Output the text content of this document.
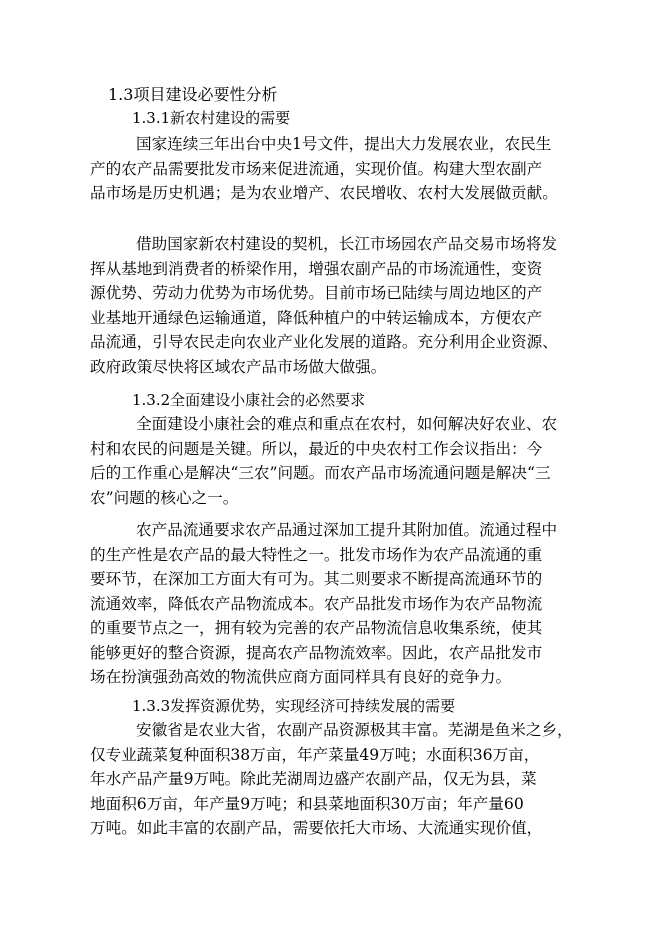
1.3项目建设必要性分析
1.3.1新农村建设的需要
国家连续三年出台中央1号文件，提出大力发展农业，农民生
产的农产品需要批发市场来促进流通，实现价值。构建大型农副产
品市场是历史机遇；是为农业增产、农民增收、农村大发展做贡献。
借助国家新农村建设的契机，长江市场园农产品交易市场将发
挥从基地到消费者的桥梁作用，增强农副产品的市场流通性，变资
源优势、劳动力优势为市场优势。目前市场已陆续与周边地区的产
业基地开通绿色运输通道，降低种植户的中转运输成本，方便农产
品流通，引导农民走向农业产业化发展的道路。充分利用企业资源、
政府政策尽快将区域农产品市场做大做强。
1.3.2全面建设小康社会的必然要求
全面建设小康社会的难点和重点在农村，如何解决好农业、农
村和农民的问题是关键。所以，最近的中央农村工作会议指出：今
后的工作重心是解决“三农”问题。而农产品市场流通问题是解决“三
农”问题的核心之一。
农产品流通要求农产品通过深加工提升其附加值。流通过程中
的生产性是农产品的最大特性之一。批发市场作为农产品流通的重
要环节，在深加工方面大有可为。其二则要求不断提高流通环节的
流通效率，降低农产品物流成本。农产品批发市场作为农产品物流
的重要节点之一，拥有较为完善的农产品物流信息收集系统，使其
能够更好的整合资源，提高农产品物流效率。因此，农产品批发市
场在扮演强劲高效的物流供应商方面同样具有良好的竞争力。
1.3.3发挥资源优势，实现经济可持续发展的需要
安徽省是农业大省，农副产品资源极其丰富。芜湖是鱼米之乡，
仅专业蔬菜复种面积38万亩，年产菜量49万吨；水面积36万亩，
年水产品产量9万吨。除此芜湖周边盛产农副产品，仅无为县，菜
地面积6万亩，年产量9万吨；和县菜地面积30万亩；年产量60
万吨。如此丰富的农副产品，需要依托大市场、大流通实现价值，
